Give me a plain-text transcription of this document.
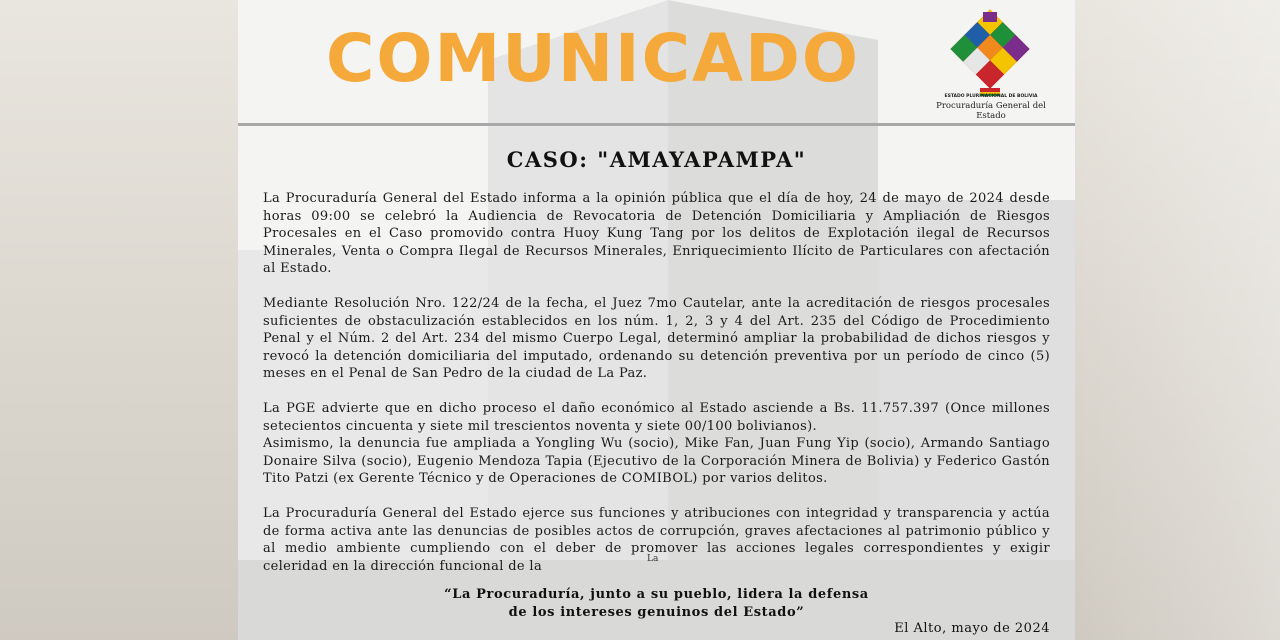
COMUNICADO	ESTADO PLURINACIONAL DE BOLIVIA
Procuraduría General del Estado
CASO: "AMAYAPAMPA"

La Procuraduría General del Estado informa a la opinión pública que el día de hoy, 24 de mayo de 2024 desde horas 09:00 se celebró la Audiencia de Revocatoria de Detención Domiciliaria y Ampliación de Riesgos Procesales en el Caso promovido contra Huoy Kung Tang por los delitos de Explotación ilegal de Recursos Minerales, Venta o Compra Ilegal de Recursos Minerales, Enriquecimiento Ilícito de Particulares con afectación al Estado.

Mediante Resolución Nro. 122/24 de la fecha, el Juez 7mo Cautelar, ante la acreditación de riesgos procesales suficientes de obstaculización establecidos en los núm. 1, 2, 3 y 4 del Art. 235 del Código de Procedimiento Penal y el Núm. 2 del Art. 234 del mismo Cuerpo Legal, determinó ampliar la probabilidad de dichos riesgos y revocó la detención domiciliaria del imputado, ordenando su detención preventiva por un período de cinco (5) meses en el Penal de San Pedro de la ciudad de La Paz.

La PGE advierte que en dicho proceso el daño económico al Estado asciende a Bs. 11.757.397 (Once millones setecientos cincuenta y siete mil trescientos noventa y siete 00/100 bolivianos).

Asimismo, la denuncia fue ampliada a Yongling Wu (socio), Mike Fan, Juan Fung Yip (socio), Armando Santiago Donaire Silva (socio), Eugenio Mendoza Tapia (Ejecutivo de la Corporación Minera de Bolivia) y Federico Gastón Tito Patzi (ex Gerente Técnico y de Operaciones de COMIBOL) por varios delitos.

La Procuraduría General del Estado ejerce sus funciones y atribuciones con integridad y transparencia y actúa de forma activa ante las denuncias de posibles actos de corrupción, graves afectaciones al patrimonio público y al medio ambiente cumpliendo con el deber de promover las acciones legales correspondientes y exigir celeridad en la dirección funcional de la	La
“La Procuraduría, junto a su pueblo, lidera la defensa
de los intereses genuinos del Estado”
El Alto, mayo de 2024
